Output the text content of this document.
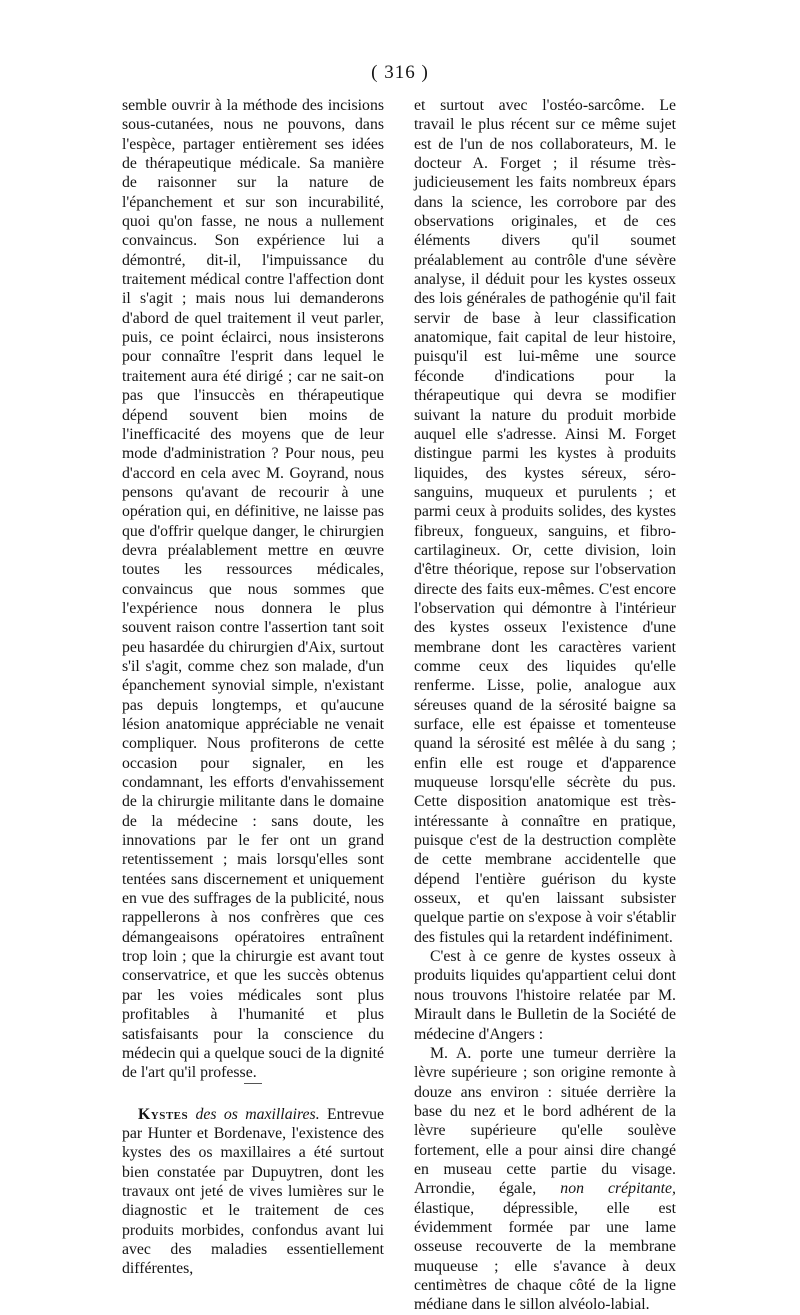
( 316 )

semble ouvrir à la méthode des incisions sous-cutanées, nous ne pouvons, dans l'espèce, partager entièrement ses idées de thérapeutique médicale. Sa manière de raisonner sur la nature de l'épanchement et sur son incurabilité, quoi qu'on fasse, ne nous a nullement convaincus. Son expérience lui a démontré, dit-il, l'impuissance du traitement médical contre l'affection dont il s'agit ; mais nous lui demanderons d'abord de quel traitement il veut parler, puis, ce point éclairci, nous insisterons pour connaître l'esprit dans lequel le traitement aura été dirigé ; car ne sait-on pas que l'insuccès en thérapeutique dépend souvent bien moins de l'inefficacité des moyens que de leur mode d'administration ? Pour nous, peu d'accord en cela avec M. Goyrand, nous pensons qu'avant de recourir à une opération qui, en définitive, ne laisse pas que d'offrir quelque danger, le chirurgien devra préalablement mettre en œuvre toutes les ressources médicales, convaincus que nous sommes que l'expérience nous donnera le plus souvent raison contre l'assertion tant soit peu hasardée du chirurgien d'Aix, surtout s'il s'agit, comme chez son malade, d'un épanchement synovial simple, n'existant pas depuis longtemps, et qu'aucune lésion anatomique appréciable ne venait compliquer. Nous profiterons de cette occasion pour signaler, en les condamnant, les efforts d'envahissement de la chirurgie militante dans le domaine de la médecine : sans doute, les innovations par le fer ont un grand retentissement ; mais lorsqu'elles sont tentées sans discernement et uniquement en vue des suffrages de la publicité, nous rappellerons à nos confrères que ces démangeaisons opératoires entraînent trop loin ; que la chirurgie est avant tout conservatrice, et que les succès obtenus par les voies médicales sont plus profitables à l'humanité et plus satisfaisants pour la conscience du médecin qui a quelque souci de la dignité de l'art qu'il professe.

Kystes des os maxillaires. Entrevue par Hunter et Bordenave, l'existence des kystes des os maxillaires a été surtout bien constatée par Dupuytren, dont les travaux ont jeté de vives lumières sur le diagnostic et le traitement de ces produits morbides, confondus avant lui avec des maladies essentiellement différentes,

et surtout avec l'ostéo-sarcôme. Le travail le plus récent sur ce même sujet est de l'un de nos collaborateurs, M. le docteur A. Forget ; il résume très-judicieusement les faits nombreux épars dans la science, les corrobore par des observations originales, et de ces éléments divers qu'il soumet préalablement au contrôle d'une sévère analyse, il déduit pour les kystes osseux des lois générales de pathogénie qu'il fait servir de base à leur classification anatomique, fait capital de leur histoire, puisqu'il est lui-même une source féconde d'indications pour la thérapeutique qui devra se modifier suivant la nature du produit morbide auquel elle s'adresse. Ainsi M. Forget distingue parmi les kystes à produits liquides, des kystes séreux, séro-sanguins, muqueux et purulents ; et parmi ceux à produits solides, des kystes fibreux, fongueux, sanguins, et fibro-cartilagineux. Or, cette division, loin d'être théorique, repose sur l'observation directe des faits eux-mêmes. C'est encore l'observation qui démontre à l'intérieur des kystes osseux l'existence d'une membrane dont les caractères varient comme ceux des liquides qu'elle renferme. Lisse, polie, analogue aux séreuses quand de la sérosité baigne sa surface, elle est épaisse et tomenteuse quand la sérosité est mêlée à du sang ; enfin elle est rouge et d'apparence muqueuse lorsqu'elle sécrète du pus. Cette disposition anatomique est très-intéressante à connaître en pratique, puisque c'est de la destruction complète de cette membrane accidentelle que dépend l'entière guérison du kyste osseux, et qu'en laissant subsister quelque partie on s'expose à voir s'établir des fistules qui la retardent indéfiniment.

C'est à ce genre de kystes osseux à produits liquides qu'appartient celui dont nous trouvons l'histoire relatée par M. Mirault dans le Bulletin de la Société de médecine d'Angers :

M. A. porte une tumeur derrière la lèvre supérieure ; son origine remonte à douze ans environ : située derrière la base du nez et le bord adhérent de la lèvre supérieure qu'elle soulève fortement, elle a pour ainsi dire changé en museau cette partie du visage. Arrondie, égale, non crépitante, élastique, dépressible, elle est évidemment formée par une lame osseuse recouverte de la membrane muqueuse ; elle s'avance à deux centimètres de chaque côté de la ligne médiane dans le sillon alvéolo-labial.
